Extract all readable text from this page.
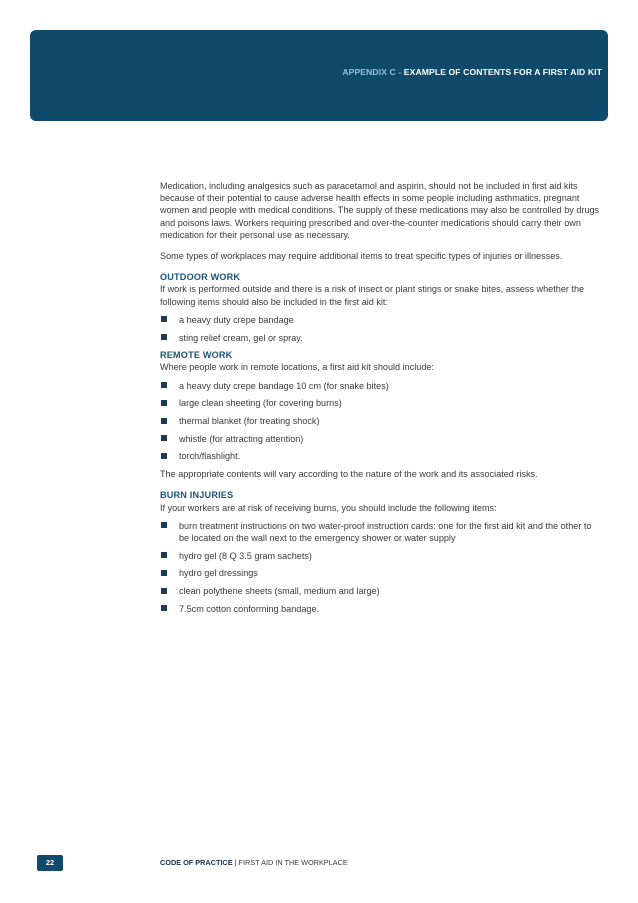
APPENDIX C - EXAMPLE OF CONTENTS FOR A FIRST AID KIT

Medication, including analgesics such as paracetamol and aspirin, should not be included in first aid kits because of their potential to cause adverse health effects in some people including asthmatics, pregnant women and people with medical conditions. The supply of these medications may also be controlled by drugs and poisons laws. Workers requiring prescribed and over-the-counter medications should carry their own medication for their personal use as necessary.

Some types of workplaces may require additional items to treat specific types of injuries or illnesses.

OUTDOOR WORK
If work is performed outside and there is a risk of insect or plant stings or snake bites, assess whether the following items should also be included in the first aid kit:
a heavy duty crepe bandage
sting relief cream, gel or spray.
REMOTE WORK
Where people work in remote locations, a first aid kit should include:
a heavy duty crepe bandage 10 cm (for snake bites)
large clean sheeting (for covering burns)
thermal blanket (for treating shock)
whistle (for attracting attention)
torch/flashlight.

The appropriate contents will vary according to the nature of the work and its associated risks.

BURN INJURIES
If your workers are at risk of receiving burns, you should include the following items:
burn treatment instructions on two water-proof instruction cards: one for the first aid kit and the other to be located on the wall next to the emergency shower or water supply
hydro gel (8 Q 3.5 gram sachets)
hydro gel dressings
clean polythene sheets (small, medium and large)
7.5cm cotton conforming bandage.
22	CODE OF PRACTICE | FIRST AID IN THE WORKPLACE
